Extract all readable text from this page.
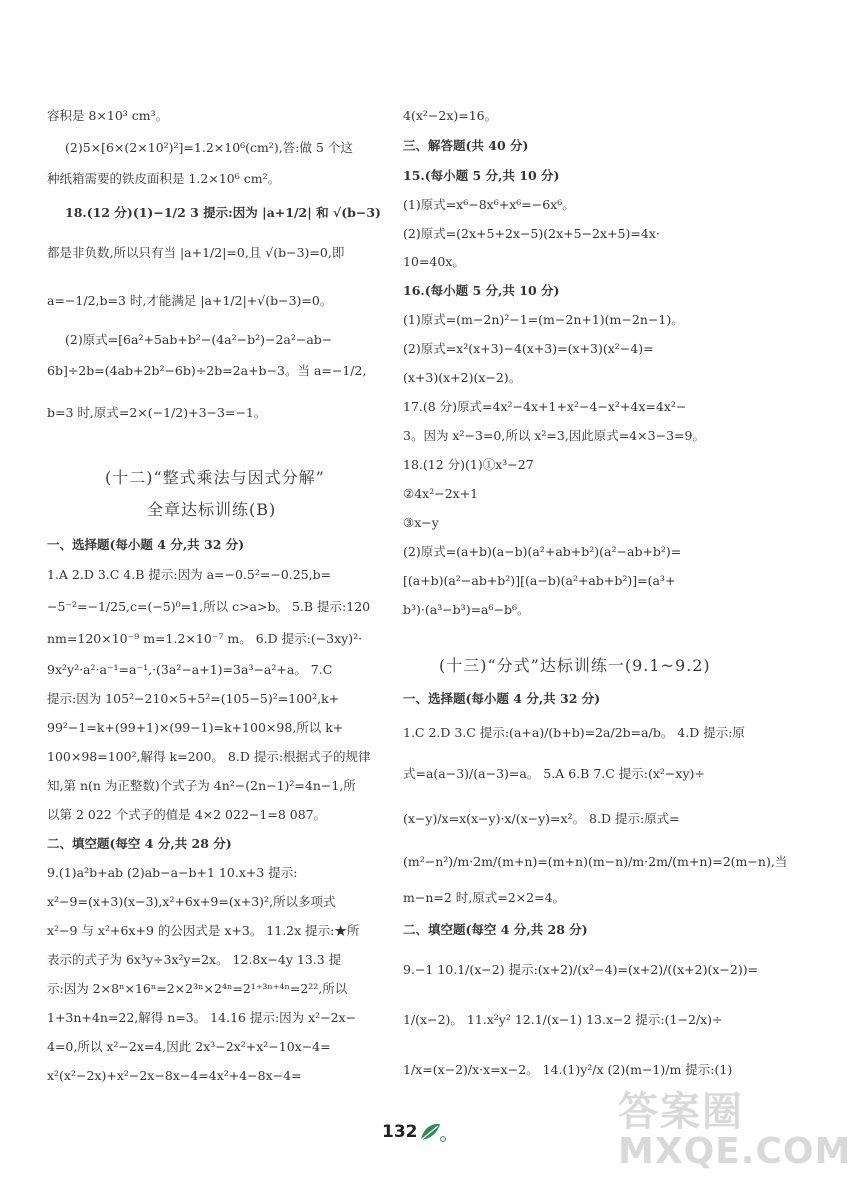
容积是 8×10³ cm³。
(2)5×[6×(2×10²)²]=1.2×10⁶(cm²),答:做 5 个这
种纸箱需要的铁皮面积是 1.2×10⁶ cm²。
18.(12 分)(1)−1/2 3 提示:因为 |a+1/2| 和 √(b−3)
都是非负数,所以只有当 |a+1/2|=0,且 √(b−3)=0,即
a=−1/2,b=3 时,才能满足 |a+1/2|+√(b−3)=0。
(2)原式=[6a²+5ab+b²−(4a²−b²)−2a²−ab−
6b]÷2b=(4ab+2b²−6b)÷2b=2a+b−3。当 a=−1/2,
b=3 时,原式=2×(−1/2)+3−3=−1。
(十二)“整式乘法与因式分解”
全章达标训练(B)
一、选择题(每小题 4 分,共 32 分)
1.A 2.D 3.C 4.B 提示:因为 a=−0.5²=−0.25,b=
−5⁻²=−1/25,c=(−5)⁰=1,所以 c>a>b。 5.B 提示:120
nm=120×10⁻⁹ m=1.2×10⁻⁷ m。 6.D 提示:(−3xy)²·
9x²y²·a²·a⁻¹=a⁻¹,·(3a²−a+1)=3a³−a²+a。 7.C
提示:因为 105²−210×5+5²=(105−5)²=100²,k+
99²−1=k+(99+1)×(99−1)=k+100×98,所以 k+
100×98=100²,解得 k=200。 8.D 提示:根据式子的规律
知,第 n(n 为正整数)个式子为 4n²−(2n−1)²=4n−1,所
以第 2 022 个式子的值是 4×2 022−1=8 087。
二、填空题(每空 4 分,共 28 分)
9.(1)a²b+ab (2)ab−a−b+1 10.x+3 提示:
x²−9=(x+3)(x−3),x²+6x+9=(x+3)²,所以多项式
x²−9 与 x²+6x+9 的公因式是 x+3。 11.2x 提示:★所
表示的式子为 6x³y÷3x²y=2x。 12.8x−4y 13.3 提
示:因为 2×8ⁿ×16ⁿ=2×2³ⁿ×2⁴ⁿ=2¹⁺³ⁿ⁺⁴ⁿ=2²²,所以
1+3n+4n=22,解得 n=3。 14.16 提示:因为 x²−2x−
4=0,所以 x²−2x=4,因此 2x³−2x²+x²−10x−4=
x²(x²−2x)+x²−2x−8x−4=4x²+4−8x−4=
4(x²−2x)=16。
三、解答题(共 40 分)
15.(每小题 5 分,共 10 分)
(1)原式=x⁶−8x⁶+x⁶=−6x⁶。
(2)原式=(2x+5+2x−5)(2x+5−2x+5)=4x·
10=40x。
16.(每小题 5 分,共 10 分)
(1)原式=(m−2n)²−1=(m−2n+1)(m−2n−1)。
(2)原式=x²(x+3)−4(x+3)=(x+3)(x²−4)=
(x+3)(x+2)(x−2)。
17.(8 分)原式=4x²−4x+1+x²−4−x²+4x=4x²−
3。因为 x²−3=0,所以 x²=3,因此原式=4×3−3=9。
18.(12 分)(1)①x³−27
②4x²−2x+1
③x−y
(2)原式=(a+b)(a−b)(a²+ab+b²)(a²−ab+b²)=
[(a+b)(a²−ab+b²)][(a−b)(a²+ab+b²)]=(a³+
b³)·(a³−b³)=a⁶−b⁶。
(十三)“分式”达标训练一(9.1~9.2)
一、选择题(每小题 4 分,共 32 分)
1.C 2.D 3.C 提示:(a+a)/(b+b)=2a/2b=a/b。 4.D 提示:原
式=a(a−3)/(a−3)=a。 5.A 6.B 7.C 提示:(x²−xy)÷
(x−y)/x=x(x−y)·x/(x−y)=x²。 8.D 提示:原式=
(m²−n²)/m·2m/(m+n)=(m+n)(m−n)/m·2m/(m+n)=2(m−n),当
m−n=2 时,原式=2×2=4。
二、填空题(每空 4 分,共 28 分)
9.−1 10.1/(x−2) 提示:(x+2)/(x²−4)=(x+2)/((x+2)(x−2))=
1/(x−2)。 11.x²y² 12.1/(x−1) 13.x−2 提示:(1−2/x)÷
1/x=(x−2)/x·x=x−2。 14.(1)y²/x (2)(m−1)/m 提示:(1)
132	答案圈
MXQE.COM
